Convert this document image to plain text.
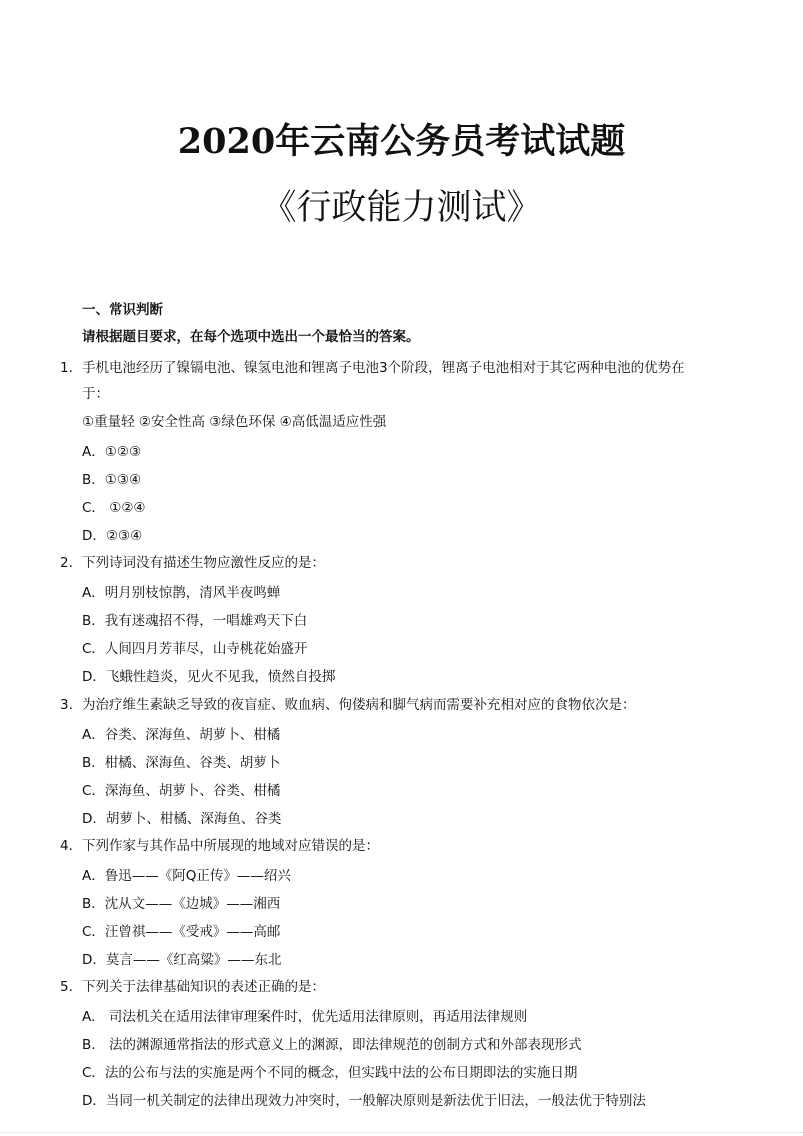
2020年云南公务员考试试题
《行政能力测试》
一、常识判断
请根据题目要求，在每个选项中选出一个最恰当的答案。
1. 手机电池经历了镍镉电池、镍氢电池和锂离子电池3个阶段，锂离子电池相对于其它两种电池的优势在
于：
①重量轻 ②安全性高 ③绿色环保 ④高低温适应性强
A．①②③
B．①③④
C． ①②④
D．②③④
2. 下列诗词没有描述生物应激性反应的是：
A．明月别枝惊鹊，清风半夜鸣蝉
B．我有迷魂招不得，一唱雄鸡天下白
C．人间四月芳菲尽，山寺桃花始盛开
D．飞蛾性趋炎，见火不见我，愤然自投掷
3. 为治疗维生素缺乏导致的夜盲症、败血病、佝偻病和脚气病而需要补充相对应的食物依次是：
A．谷类、深海鱼、胡萝卜、柑橘
B．柑橘、深海鱼、谷类、胡萝卜
C．深海鱼、胡萝卜、谷类、柑橘
D．胡萝卜、柑橘、深海鱼、谷类
4. 下列作家与其作品中所展现的地域对应错误的是：
A．鲁迅——《阿Q正传》——绍兴
B．沈从文——《边城》——湘西
C．汪曾祺——《受戒》——高邮
D．莫言——《红高粱》——东北
5. 下列关于法律基础知识的表述正确的是：
A.　司法机关在适用法律审理案件时，优先适用法律原则，再适用法律规则
B.　法的渊源通常指法的形式意义上的渊源，即法律规范的创制方式和外部表现形式
C．法的公布与法的实施是两个不同的概念，但实践中法的公布日期即法的实施日期
D．当同一机关制定的法律出现效力冲突时，一般解决原则是新法优于旧法，一般法优于特别法
